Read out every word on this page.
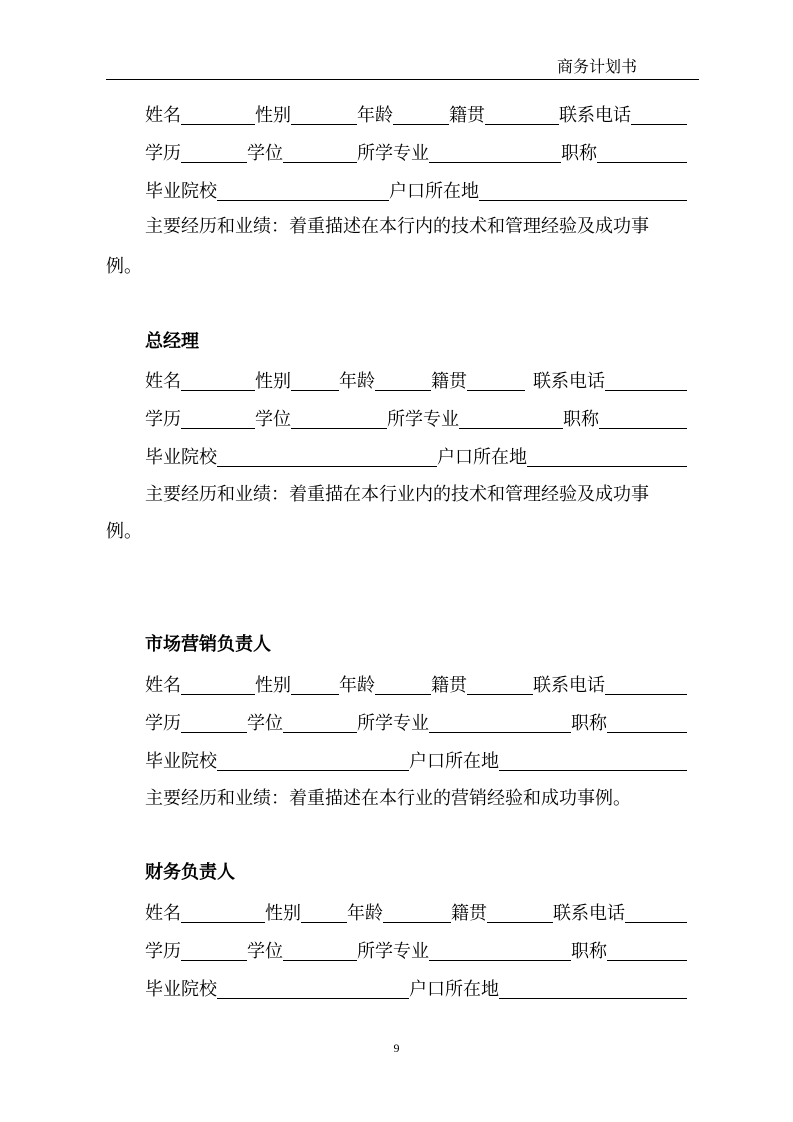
商务计划书
姓名	性别	年龄	籍贯	联系电话
学历	学位	所学专业	职称
毕业院校	户口所在地
主要经历和业绩：着重描述在本行内的技术和管理经验及成功事
例。
总经理
姓名	性别	年龄	籍贯	联系电话
学历	学位	所学专业	职称
毕业院校	户口所在地
主要经历和业绩：着重描在本行业内的技术和管理经验及成功事
例。
市场营销负责人
姓名	性别	年龄	籍贯	联系电话
学历	学位	所学专业	职称
毕业院校	户口所在地
主要经历和业绩：着重描述在本行业的营销经验和成功事例。
财务负责人
姓名	性别	年龄	籍贯	联系电话
学历	学位	所学专业	职称
毕业院校	户口所在地
9
